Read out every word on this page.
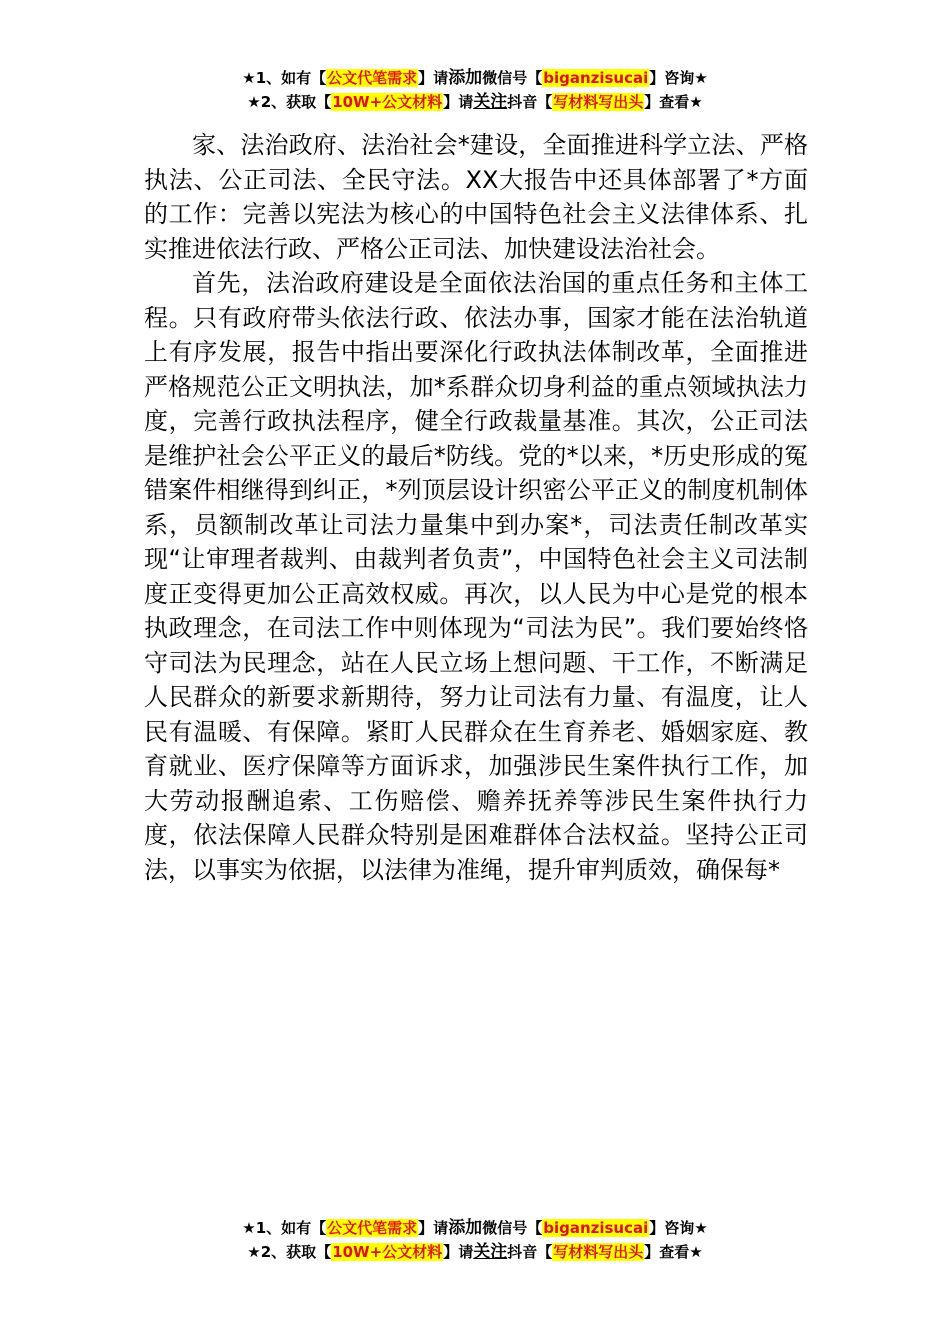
★1、如有【公文代笔需求】请添加微信号【biganzisucai】咨询★
★2、获取【10W+公文材料】请关注抖音【写材料写出头】查看★

家、法治政府、法治社会*建设，全面推进科学立法、严格执法、公正司法、全民守法。XX大报告中还具体部署了*方面的工作：完善以宪法为核心的中国特色社会主义法律体系、扎实推进依法行政、严格公正司法、加快建设法治社会。

首先，法治政府建设是全面依法治国的重点任务和主体工程。只有政府带头依法行政、依法办事，国家才能在法治轨道上有序发展，报告中指出要深化行政执法体制改革，全面推进严格规范公正文明执法，加*系群众切身利益的重点领域执法力度，完善行政执法程序，健全行政裁量基准。其次，公正司法是维护社会公平正义的最后*防线。党的*以来，*历史形成的冤错案件相继得到纠正，*列顶层设计织密公平正义的制度机制体系，员额制改革让司法力量集中到办案*，司法责任制改革实现“让审理者裁判、由裁判者负责”，中国特色社会主义司法制度正变得更加公正高效权威。再次，以人民为中心是党的根本执政理念，在司法工作中则体现为“司法为民”。我们要始终恪守司法为民理念，站在人民立场上想问题、干工作，不断满足人民群众的新要求新期待，努力让司法有力量、有温度，让人民有温暖、有保障。紧盯人民群众在生育养老、婚姻家庭、教育就业、医疗保障等方面诉求，加强涉民生案件执行工作，加大劳动报酬追索、工伤赔偿、赡养抚养等涉民生案件执行力度，依法保障人民群众特别是困难群体合法权益。坚持公正司法，以事实为依据，以法律为准绳，提升审判质效，确保每*

★1、如有【公文代笔需求】请添加微信号【biganzisucai】咨询★
★2、获取【10W+公文材料】请关注抖音【写材料写出头】查看★
